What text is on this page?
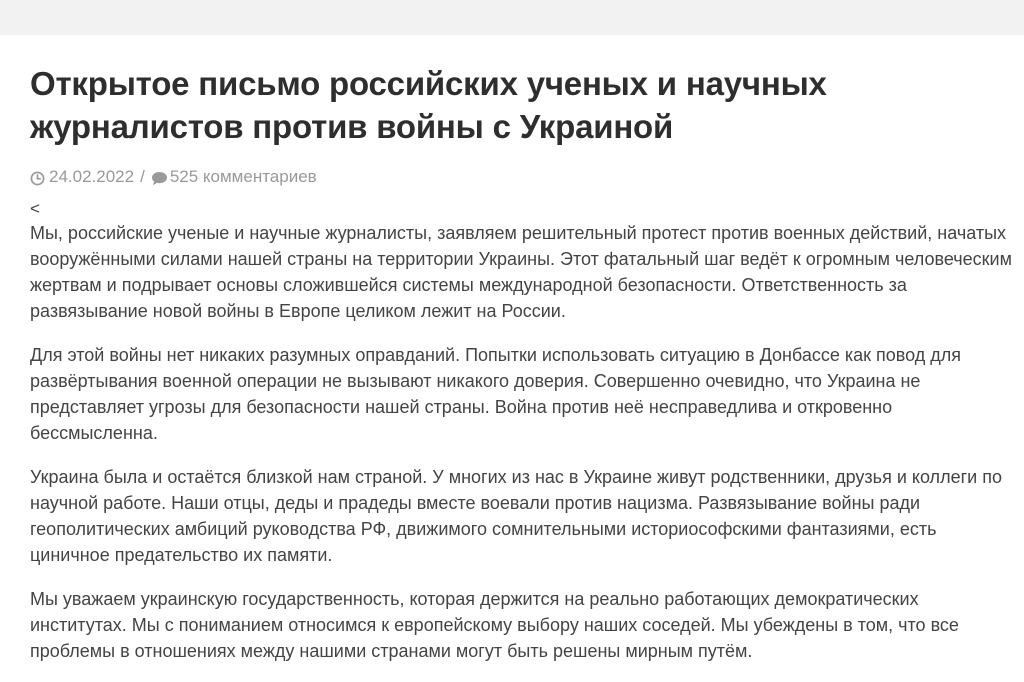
Открытое письмо российских ученых и научных журналистов против войны с Украиной
24.02.2022 / 525 комментариев
<

Мы, российские ученые и научные журналисты, заявляем решительный протест против военных действий, начатых вооружёнными силами нашей страны на территории Украины. Этот фатальный шаг ведёт к огромным человеческим жертвам и подрывает основы сложившейся системы международной безопасности. Ответственность за развязывание новой войны в Европе целиком лежит на России.

Для этой войны нет никаких разумных оправданий. Попытки использовать ситуацию в Донбассе как повод для развёртывания военной операции не вызывают никакого доверия. Совершенно очевидно, что Украина не представляет угрозы для безопасности нашей страны. Война против неё несправедлива и откровенно бессмысленна.

Украина была и остаётся близкой нам страной. У многих из нас в Украине живут родственники, друзья и коллеги по научной работе. Наши отцы, деды и прадеды вместе воевали против нацизма. Развязывание войны ради геополитических амбиций руководства РФ, движимого сомнительными историософскими фантазиями, есть циничное предательство их памяти.

Мы уважаем украинскую государственность, которая держится на реально работающих демократических институтах. Мы с пониманием относимся к европейскому выбору наших соседей. Мы убеждены в том, что все проблемы в отношениях между нашими странами могут быть решены мирным путём.
